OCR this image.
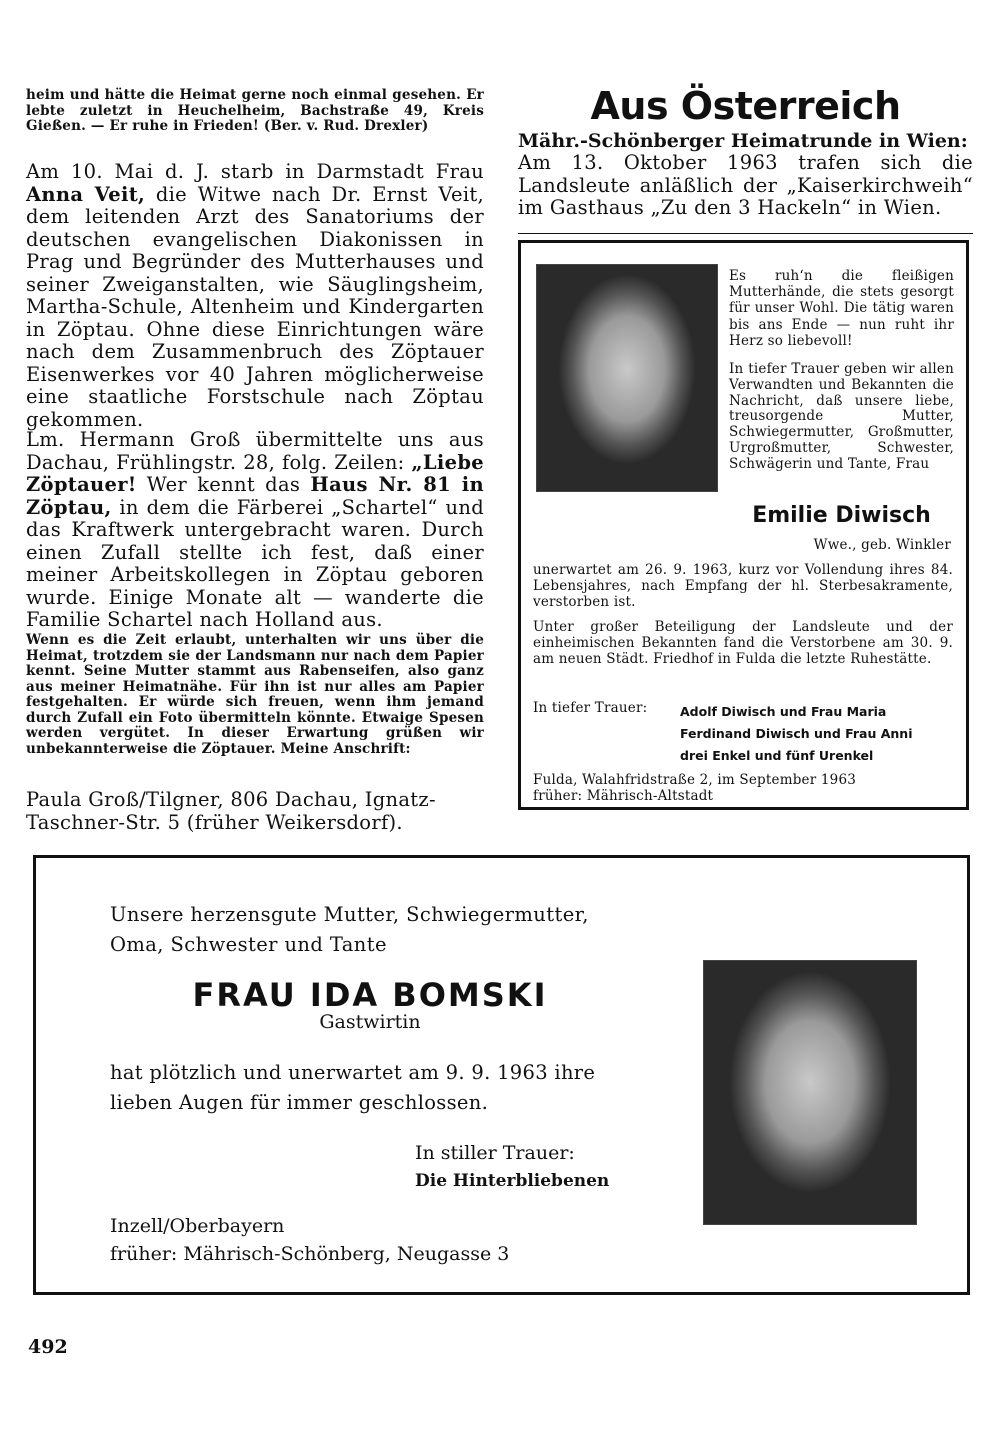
heim und hätte die Heimat gerne noch einmal gesehen. Er lebte zuletzt in Heuchelheim, Bachstraße 49, Kreis Gießen. — Er ruhe in Frieden! (Ber. v. Rud. Drexler)
Am 10. Mai d. J. starb in Darmstadt Frau Anna Veit, die Witwe nach Dr. Ernst Veit, dem leitenden Arzt des Sanatoriums der deutschen evangelischen Diakonissen in Prag und Begründer des Mutterhauses und seiner Zweiganstalten, wie Säuglingsheim, Martha-Schule, Altenheim und Kindergarten in Zöptau. Ohne diese Einrichtungen wäre nach dem Zusammenbruch des Zöptauer Eisenwerkes vor 40 Jahren möglicherweise eine staatliche Forstschule nach Zöptau gekommen.
Lm. Hermann Groß übermittelte uns aus Dachau, Frühlingstr. 28, folg. Zeilen: „Liebe Zöptauer! Wer kennt das Haus Nr. 81 in Zöptau, in dem die Färberei „Schartel“ und das Kraftwerk untergebracht waren. Durch einen Zufall stellte ich fest, daß einer meiner Arbeitskollegen in Zöptau geboren wurde. Einige Monate alt — wanderte die Familie Schartel nach Holland aus.
Wenn es die Zeit erlaubt, unterhalten wir uns über die Heimat, trotzdem sie der Landsmann nur nach dem Papier kennt. Seine Mutter stammt aus Rabenseifen, also ganz aus meiner Heimatnähe. Für ihn ist nur alles am Papier festgehalten. Er würde sich freuen, wenn ihm jemand durch Zufall ein Foto übermitteln könnte. Etwaige Spesen werden vergütet. In dieser Erwartung grüßen wir unbekannterweise die Zöptauer. Meine Anschrift:
Paula Groß/Tilgner, 806 Dachau, Ignatz-Taschner-Str. 5 (früher Weikersdorf).
Aus Österreich
Mähr.-Schönberger Heimatrunde in Wien:
Am 13. Oktober 1963 trafen sich die Landsleute anläßlich der „Kaiserkirchweih“ im Gasthaus „Zu den 3 Hackeln“ in Wien.
Es ruh‘n die fleißigen Mutterhände, die stets gesorgt für unser Wohl. Die tätig waren bis ans Ende — nun ruht ihr Herz so liebevoll!
In tiefer Trauer geben wir allen Verwandten und Bekannten die Nachricht, daß unsere liebe, treusorgende Mutter, Schwiegermutter, Großmutter, Urgroßmutter, Schwester, Schwägerin und Tante, Frau
Emilie Diwisch
Wwe., geb. Winkler
unerwartet am 26. 9. 1963, kurz vor Vollendung ihres 84. Lebensjahres, nach Empfang der hl. Sterbesakramente, verstorben ist.
Unter großer Beteiligung der Landsleute und der einheimischen Bekannten fand die Verstorbene am 30. 9. am neuen Städt. Friedhof in Fulda die letzte Ruhestätte.
In tiefer Trauer:	Adolf Diwisch und Frau Maria
Ferdinand Diwisch und Frau Anni
drei Enkel und fünf Urenkel
Fulda, Walahfridstraße 2, im September 1963
früher: Mährisch-Altstadt
Unsere herzensgute Mutter, Schwiegermutter,
Oma, Schwester und Tante
FRAU IDA BOMSKI
Gastwirtin
hat plötzlich und unerwartet am 9. 9. 1963 ihre
lieben Augen für immer geschlossen.
In stiller Trauer:
Die Hinterbliebenen
Inzell/Oberbayern
früher: Mährisch-Schönberg, Neugasse 3
492
